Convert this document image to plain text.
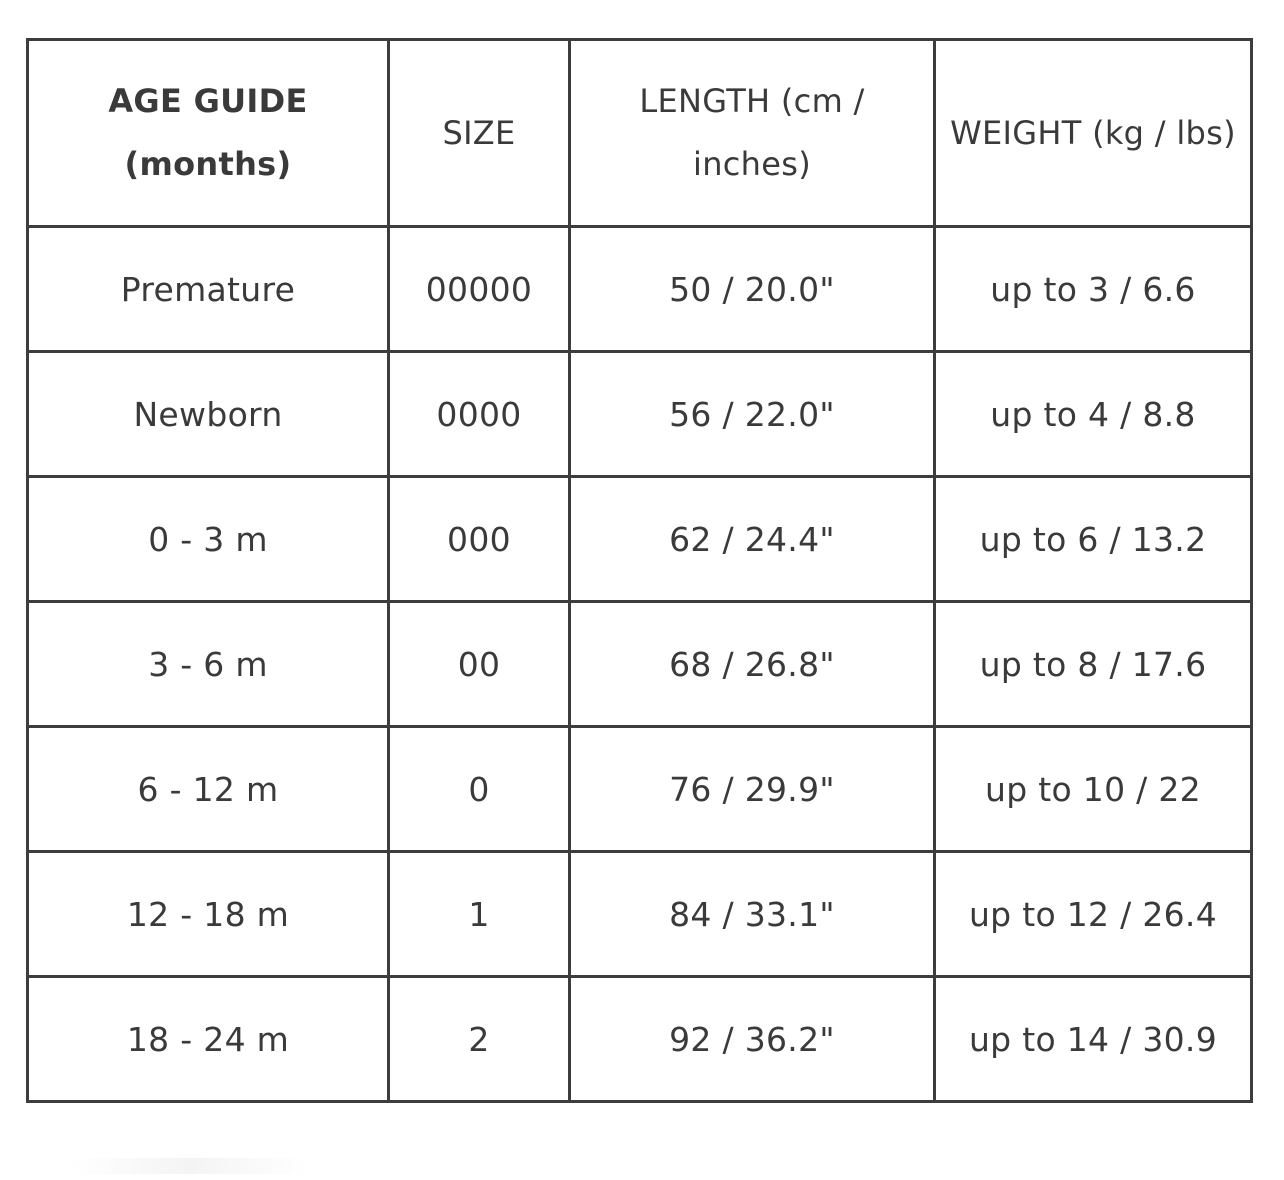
AGE GUIDE (months)	SIZE	LENGTH (cm / inches)	WEIGHT (kg / lbs)
Premature	00000	50 / 20.0"	up to 3 / 6.6
Newborn	0000	56 / 22.0"	up to 4 / 8.8
0 - 3 m	000	62 / 24.4"	up to 6 / 13.2
3 - 6 m	00	68 / 26.8"	up to 8 / 17.6
6 - 12 m	0	76 / 29.9"	up to 10 / 22
12 - 18 m	1	84 / 33.1"	up to 12 / 26.4
18 - 24 m	2	92 / 36.2"	up to 14 / 30.9
